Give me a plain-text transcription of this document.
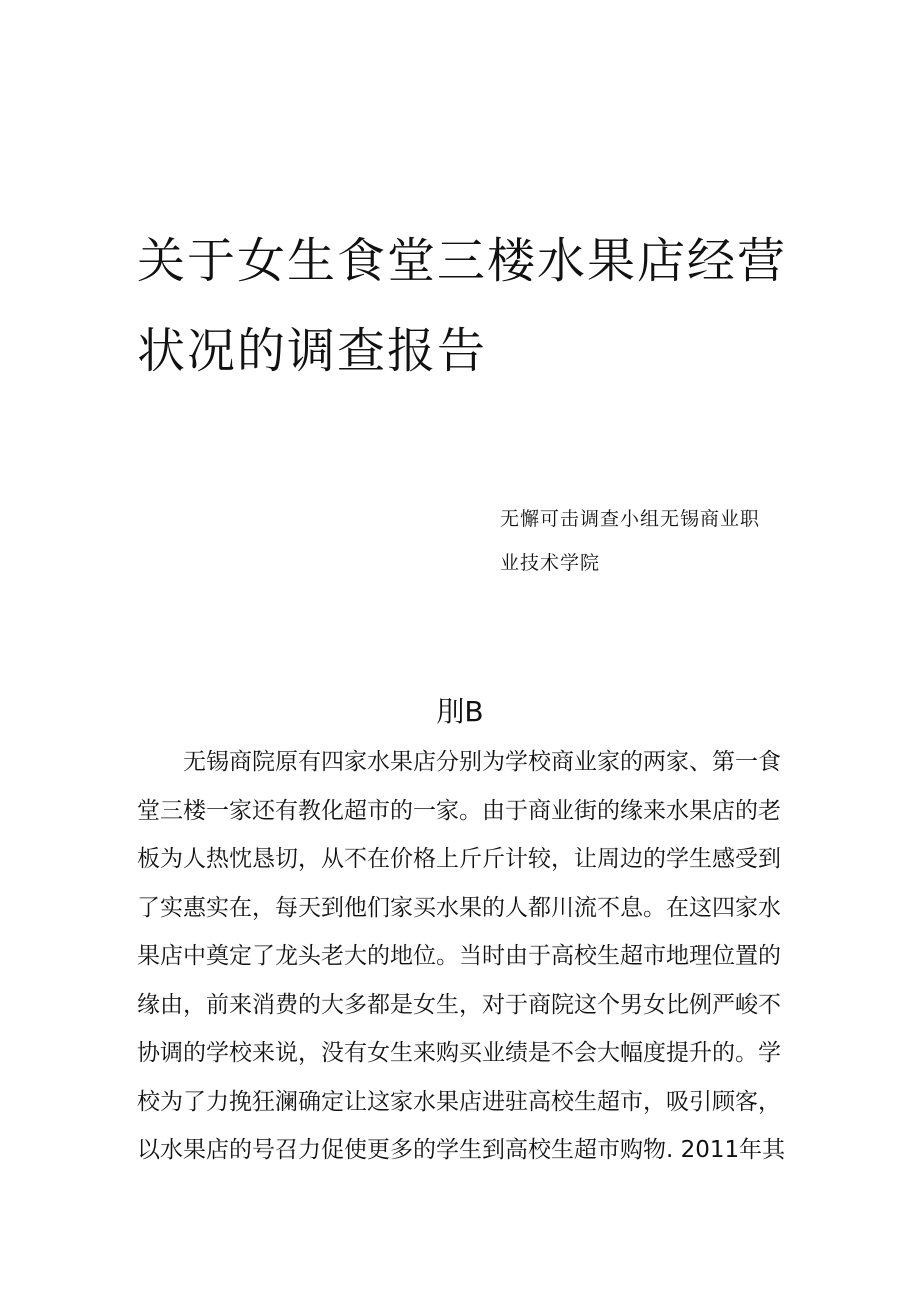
关于女生食堂三楼水果店经营
状况的调查报告
无懈可击调查小组无锡商业职
业技术学院
刖B
无锡商院原有四家水果店分别为学校商业家的两家、第一食
堂三楼一家还有教化超市的一家。由于商业街的缘来水果店的老
板为人热忱恳切，从不在价格上斤斤计较，让周边的学生感受到
了实惠实在，每天到他们家买水果的人都川流不息。在这四家水
果店中奠定了龙头老大的地位。当时由于高校生超市地理位置的
缘由，前来消费的大多都是女生，对于商院这个男女比例严峻不
协调的学校来说，没有女生来购买业绩是不会大幅度提升的。学
校为了力挽狂澜确定让这家水果店进驻高校生超市，吸引顾客，
以水果店的号召力促使更多的学生到高校生超市购物. 2011年其
